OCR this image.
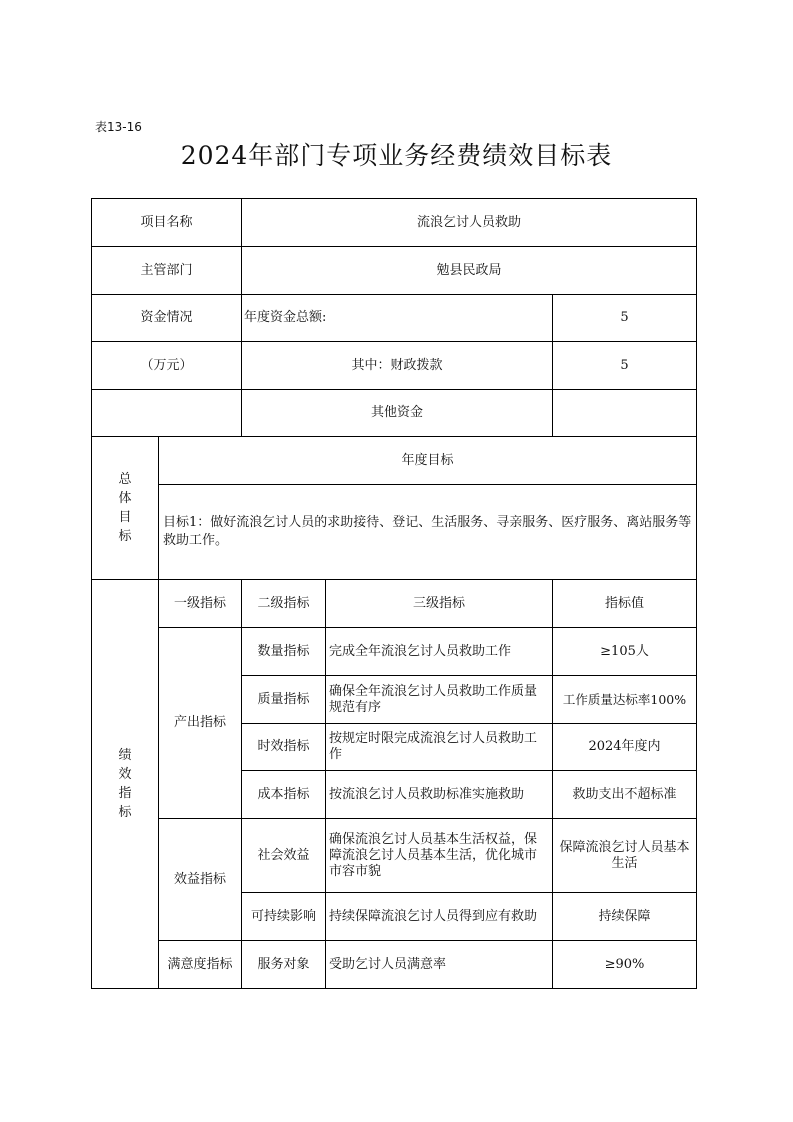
表13-16
2024年部门专项业务经费绩效目标表
项目名称		流浪乞讨人员救助		
主管部门		勉县民政局		
资金情况		年度资金总额:		5
（万元）		其中：财政拨款		5
		其他资金		
总体目标	年度目标			
	目标1：做好流浪乞讨人员的求助接待、登记、生活服务、寻亲服务、医疗服务、离站服务等救助工作。			
绩效指标	一级指标	二级指标	三级指标	指标值
	产出指标	数量指标	完成全年流浪乞讨人员救助工作	≥105人
		质量指标	确保全年流浪乞讨人员救助工作质量规范有序	工作质量达标率100%
		时效指标	按规定时限完成流浪乞讨人员救助工作	2024年度内
		成本指标	按流浪乞讨人员救助标准实施救助	救助支出不超标准
	效益指标	社会效益	确保流浪乞讨人员基本生活权益，保障流浪乞讨人员基本生活，优化城市市容市貌	保障流浪乞讨人员基本生活
		可持续影响	持续保障流浪乞讨人员得到应有救助	持续保障
	满意度指标	服务对象	受助乞讨人员满意率	≥90%
